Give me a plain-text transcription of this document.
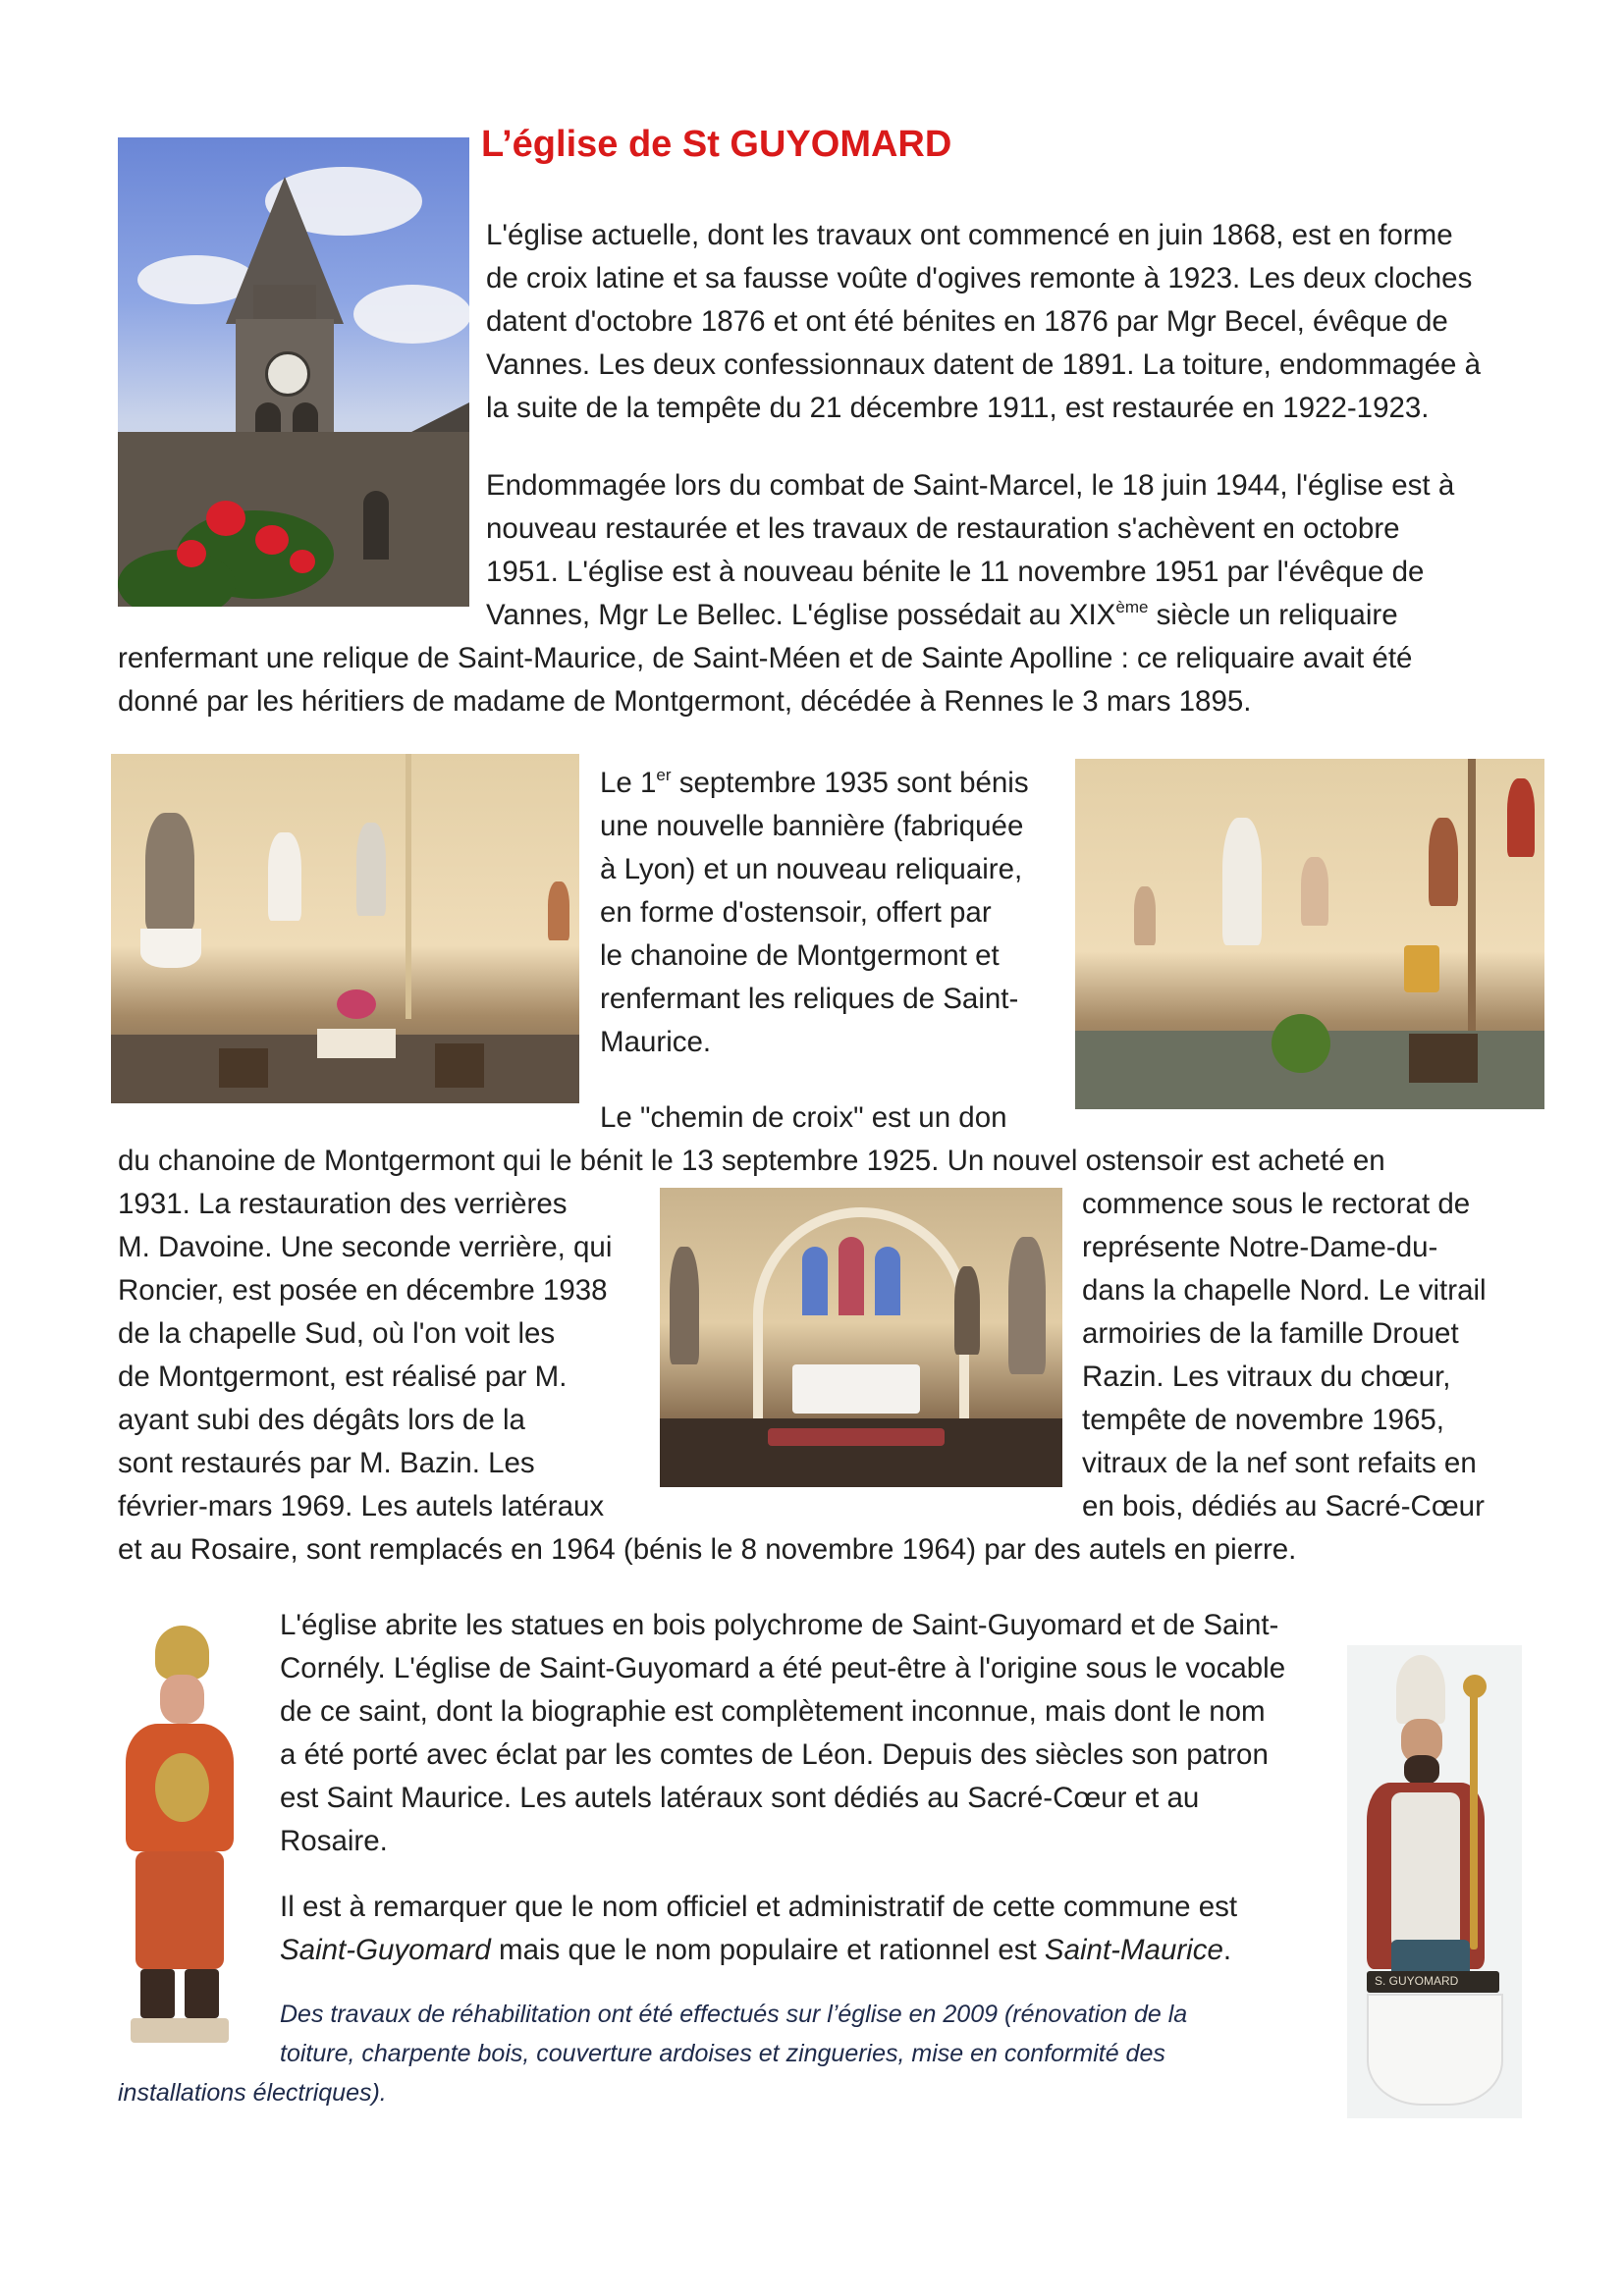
L’église de St GUYOMARD
L'église actuelle, dont les travaux ont commencé en juin 1868, est en forme
de croix latine et sa fausse voûte d'ogives remonte à 1923. Les deux cloches
datent d'octobre 1876 et ont été bénites en 1876 par Mgr Becel, évêque de
Vannes. Les deux confessionnaux datent de 1891. La toiture, endommagée à
la suite de la tempête du 21 décembre 1911, est restaurée en 1922-1923.
Endommagée lors du combat de Saint-Marcel, le 18 juin 1944, l'église est à
nouveau restaurée et les travaux de restauration s'achèvent en octobre
1951. L'église est à nouveau bénite le 11 novembre 1951 par l'évêque de
Vannes, Mgr Le Bellec. L'église possédait au XIXème siècle un reliquaire
renfermant une relique de Saint-Maurice, de Saint-Méen et de Sainte Apolline : ce reliquaire avait été
donné par les héritiers de madame de Montgermont, décédée à Rennes le 3 mars 1895.
Le 1er septembre 1935 sont bénis
une nouvelle bannière (fabriquée
à Lyon) et un nouveau reliquaire,
en forme d'ostensoir, offert par
le chanoine de Montgermont et
renfermant les reliques de Saint-
Maurice.
Le "chemin de croix" est un don
du chanoine de Montgermont qui le bénit le 13 septembre 1925. Un nouvel ostensoir est acheté en
1931. La restauration des verrières
M. Davoine. Une seconde verrière, qui
Roncier, est posée en décembre 1938
de la chapelle Sud, où l'on voit les
de Montgermont, est réalisé par M.
ayant subi des dégâts lors de la
sont restaurés par M. Bazin. Les
février-mars 1969. Les autels latéraux
commence sous le rectorat de
représente Notre-Dame-du-
dans la chapelle Nord. Le vitrail
armoiries de la famille Drouet
Razin. Les vitraux du chœur,
tempête de novembre 1965,
vitraux de la nef sont refaits en
en bois, dédiés au Sacré-Cœur
et au Rosaire, sont remplacés en 1964 (bénis le 8 novembre 1964) par des autels en pierre.
L'église abrite les statues en bois polychrome de Saint-Guyomard et de Saint-
Cornély. L'église de Saint-Guyomard a été peut-être à l'origine sous le vocable
de ce saint, dont la biographie est complètement inconnue, mais dont le nom
a été porté avec éclat par les comtes de Léon. Depuis des siècles son patron
est Saint Maurice. Les autels latéraux sont dédiés au Sacré-Cœur et au
Rosaire.
Il est à remarquer que le nom officiel et administratif de cette commune est
Saint-Guyomard mais que le nom populaire et rationnel est Saint-Maurice.
Des travaux de réhabilitation ont été effectués sur l’église en 2009 (rénovation de la
toiture, charpente bois, couverture ardoises et zingueries, mise en conformité des
installations électriques).
S. GUYOMARD
